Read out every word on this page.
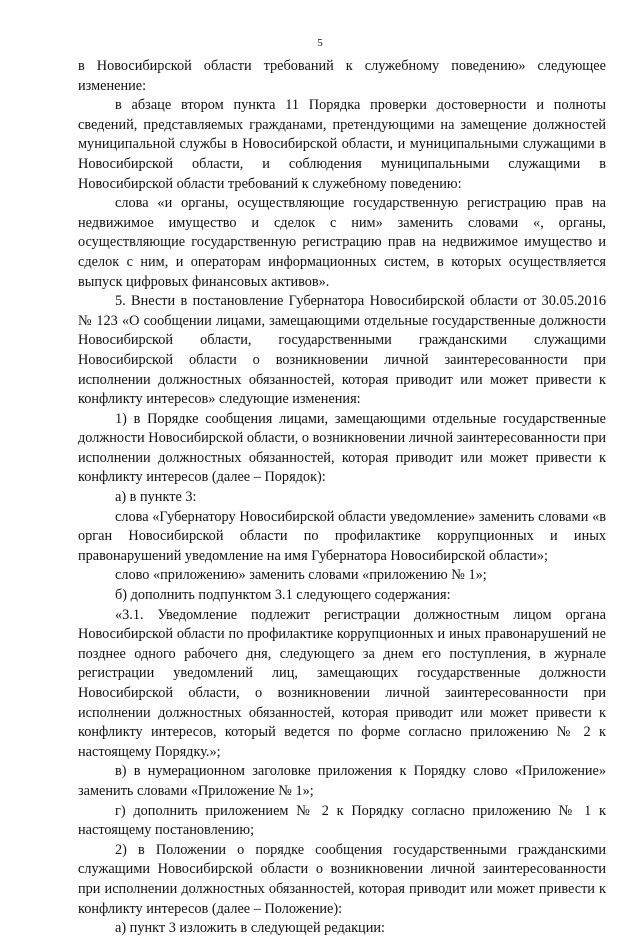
5

в Новосибирской области требований к служебному поведению» следующее изменение:

в абзаце втором пункта 11 Порядка проверки достоверности и полноты сведений, представляемых гражданами, претендующими на замещение должностей муниципальной службы в Новосибирской области, и муниципальными служащими в Новосибирской области, и соблюдения муниципальными служащими в Новосибирской области требований к служебному поведению:

слова «и органы, осуществляющие государственную регистрацию прав на недвижимое имущество и сделок с ним» заменить словами «, органы, осуществляющие государственную регистрацию прав на недвижимое имущество и сделок с ним, и операторам информационных систем, в которых осуществляется выпуск цифровых финансовых активов».

5. Внести в постановление Губернатора Новосибирской области от 30.05.2016 № 123 «О сообщении лицами, замещающими отдельные государственные должности Новосибирской области, государственными гражданскими служащими Новосибирской области о возникновении личной заинтересованности при исполнении должностных обязанностей, которая приводит или может привести к конфликту интересов» следующие изменения:

1) в Порядке сообщения лицами, замещающими отдельные государственные должности Новосибирской области, о возникновении личной заинтересованности при исполнении должностных обязанностей, которая приводит или может привести к конфликту интересов (далее – Порядок):

а) в пункте 3:

слова «Губернатору Новосибирской области уведомление» заменить словами «в орган Новосибирской области по профилактике коррупционных и иных правонарушений уведомление на имя Губернатора Новосибирской области»;

слово «приложению» заменить словами «приложению № 1»;

б) дополнить подпунктом 3.1 следующего содержания:

«3.1. Уведомление подлежит регистрации должностным лицом органа Новосибирской области по профилактике коррупционных и иных правонарушений не позднее одного рабочего дня, следующего за днем его поступления, в журнале регистрации уведомлений лиц, замещающих государственные должности Новосибирской области, о возникновении личной заинтересованности при исполнении должностных обязанностей, которая приводит или может привести к конфликту интересов, который ведется по форме согласно приложению № 2 к настоящему Порядку.»;

в) в нумерационном заголовке приложения к Порядку слово «Приложение» заменить словами «Приложение № 1»;

г) дополнить приложением № 2 к Порядку согласно приложению № 1 к настоящему постановлению;

2) в Положении о порядке сообщения государственными гражданскими служащими Новосибирской области о возникновении личной заинтересованности при исполнении должностных обязанностей, которая приводит или может привести к конфликту интересов (далее – Положение):

а) пункт 3 изложить в следующей редакции:
